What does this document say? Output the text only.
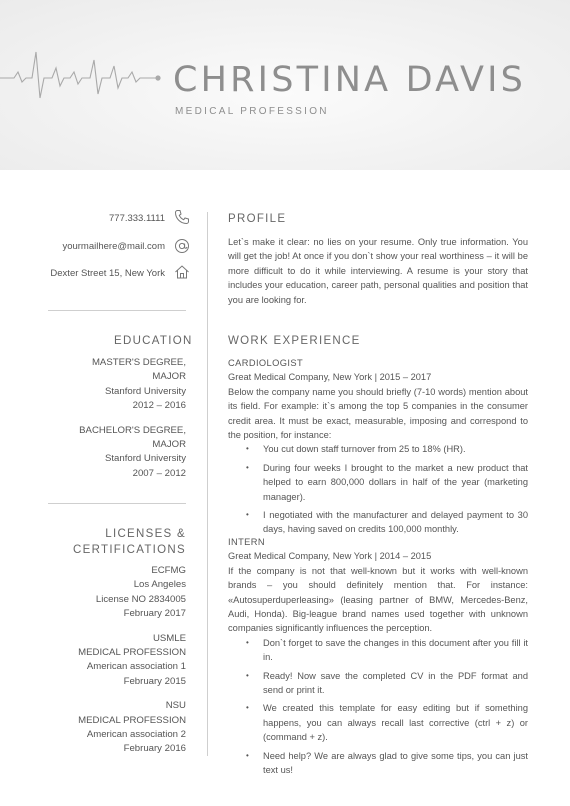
CHRISTINA DAVIS
MEDICAL PROFESSION
777.333.1111
yourmailhere@mail.com
Dexter Street 15, New York
EDUCATION
MASTER'S DEGREE,
MAJOR
Stanford University
2012 – 2016
BACHELOR'S DEGREE,
MAJOR
Stanford University
2007 – 2012
LICENSES &
CERTIFICATIONS
ECFMG
Los Angeles
License NO 2834005
February 2017
USMLE
MEDICAL PROFESSION
American association 1
February 2015
NSU
MEDICAL PROFESSION
American association 2
February 2016
PROFILE

Let`s make it clear: no lies on your resume. Only true information. You will get the job! At once if you don`t show your real worthiness – it will be more difficult to do it while interviewing. A resume is your story that includes your education, career path, personal qualities and position that you are looking for.

WORK EXPERIENCE
CARDIOLOGIST
Great Medical Company, New York | 2015 – 2017

Below the company name you should briefly (7-10 words) mention about its field. For example: it`s among the top 5 companies in the consumer credit area. It must be exact, measurable, imposing and correspond to the position, for instance:

• You cut down staff turnover from 25 to 18% (HR).
• During four weeks I brought to the market a new product that helped to earn 800,000 dollars in half of the year (marketing manager).
• I negotiated with the manufacturer and delayed payment to 30 days, having saved on credits 100,000 monthly.
INTERN
Great Medical Company, New York | 2014 – 2015

If the company is not that well-known but it works with well-known brands – you should definitely mention that. For instance: «Autosuperduperleasing» (leasing partner of BMW, Mercedes-Benz, Audi, Honda). Big-league brand names used together with unknown companies significantly influences the perception.

• Don`t forget to save the changes in this document after you fill it in.
• Ready! Now save the completed CV in the PDF format and send or print it.
• We created this template for easy editing but if something happens, you can always recall last corrective (ctrl + z) or (command + z).
• Need help? We are always glad to give some tips, you can just text us!
